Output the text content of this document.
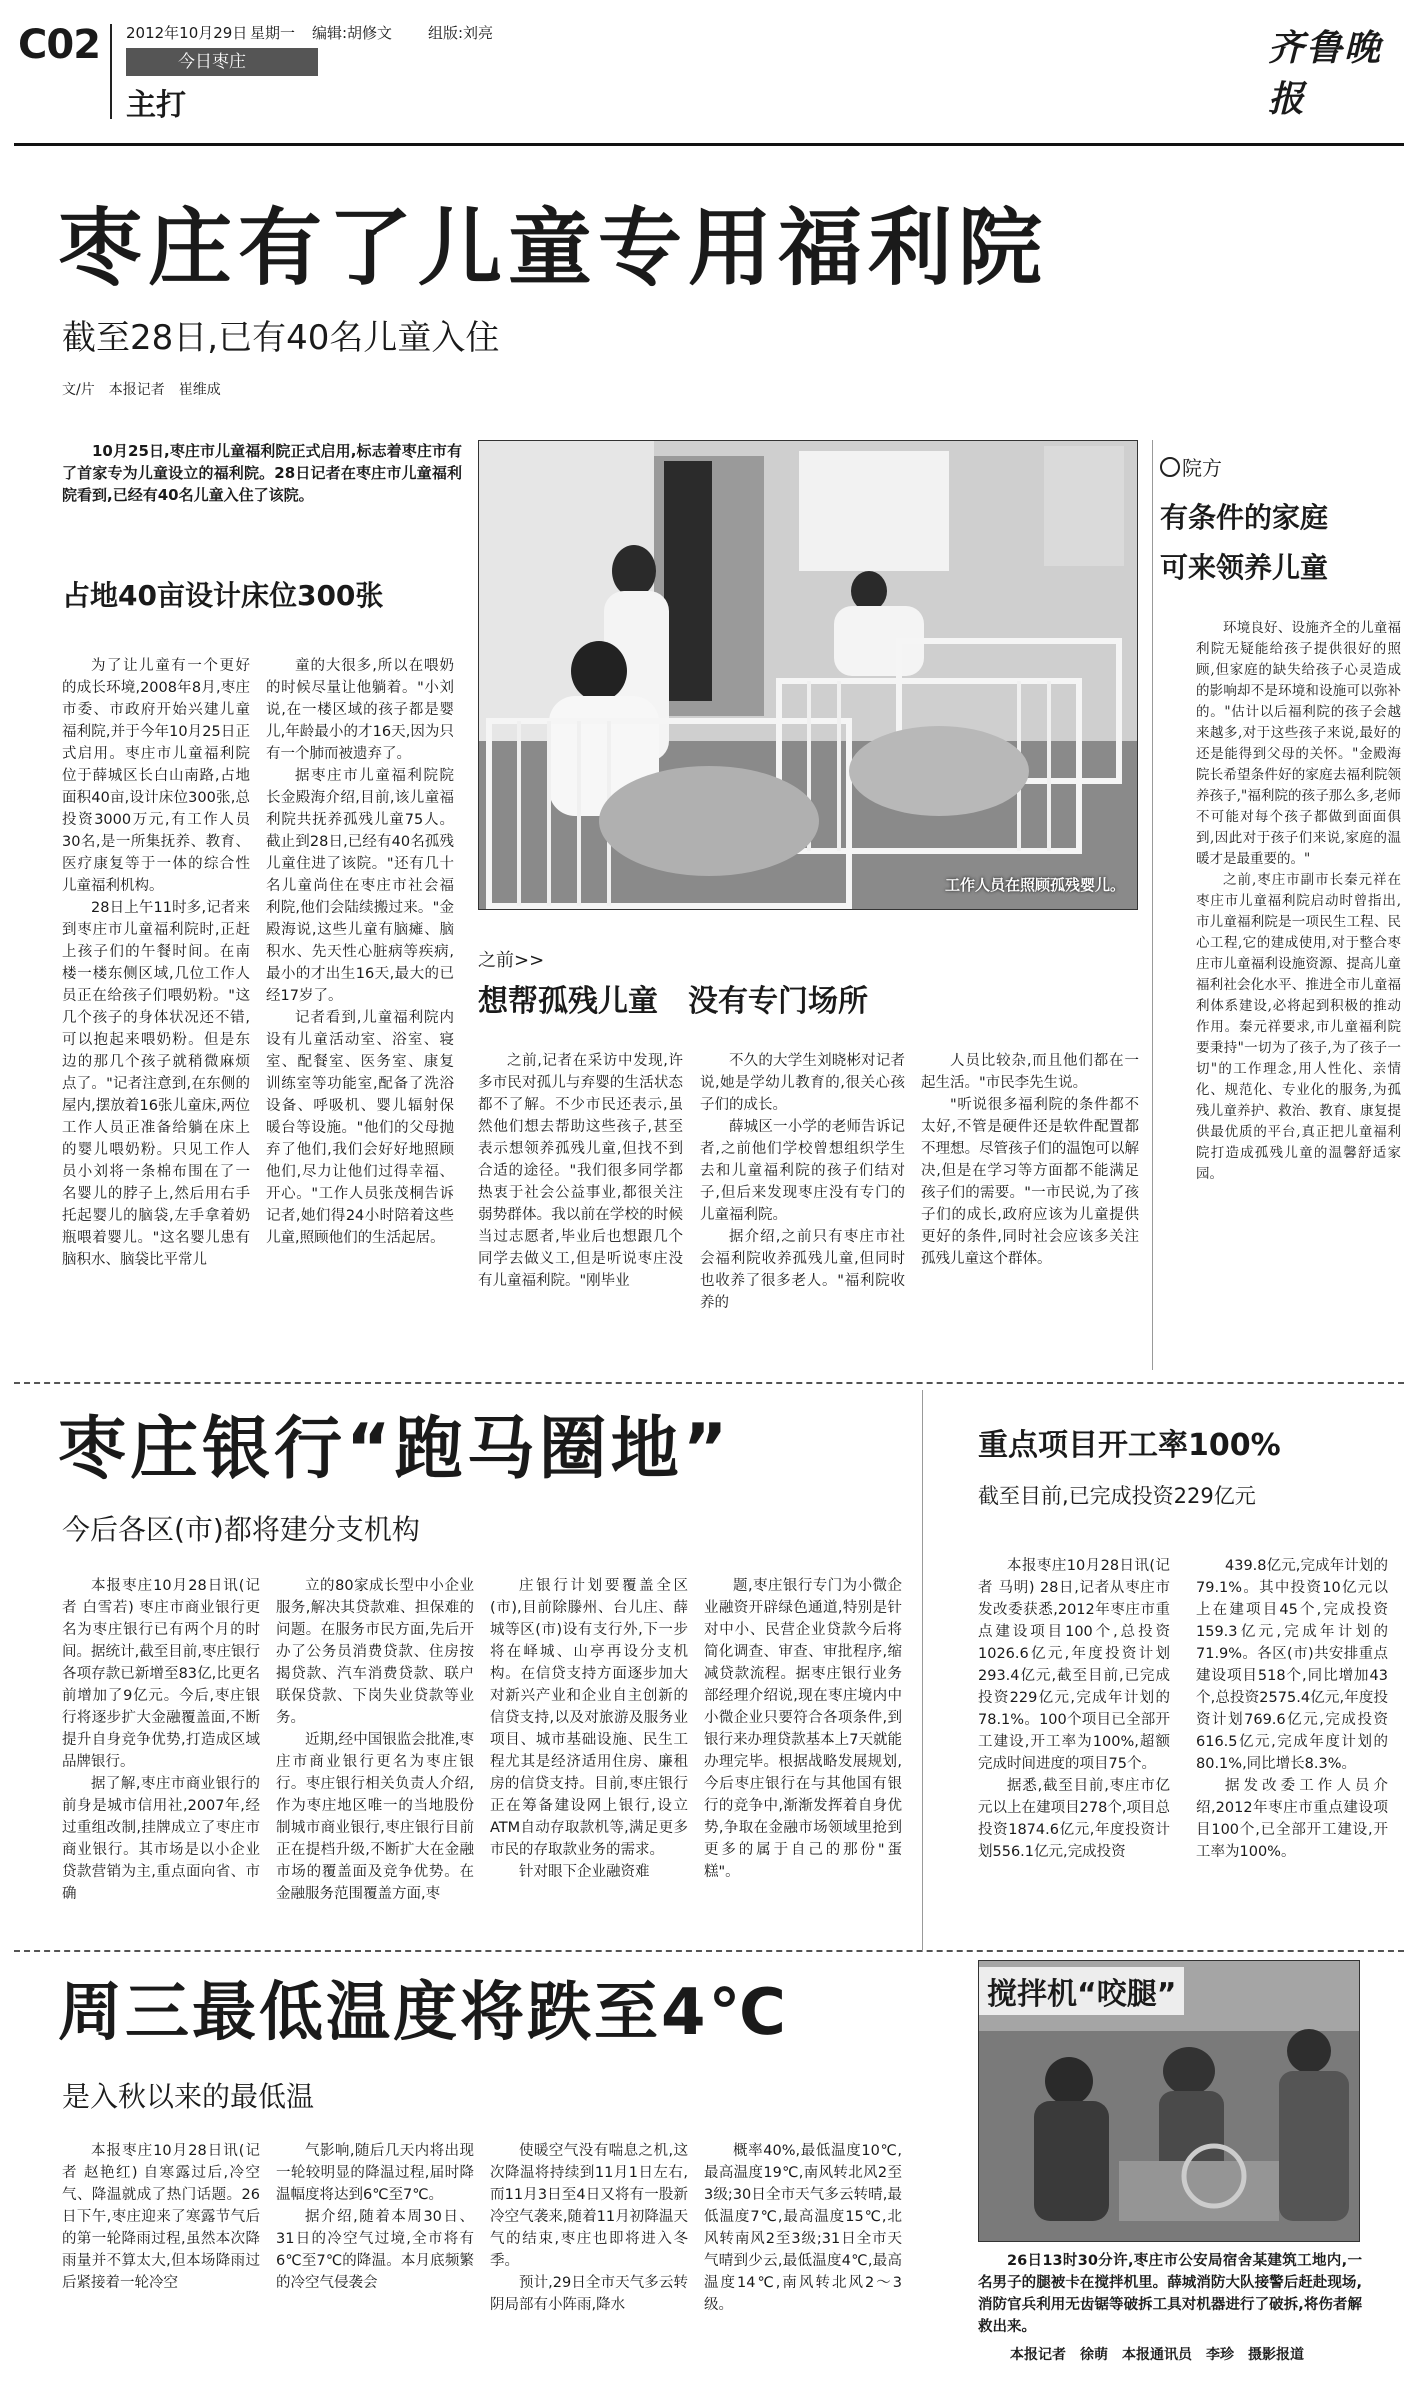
C02 2012年10月29日 星期一 编辑:胡修文 组版:刘亮
今日枣庄
主打
齐鲁晚报
枣庄有了儿童专用福利院
截至28日,已有40名儿童入住
文/片　本报记者　崔维成

10月25日,枣庄市儿童福利院正式启用,标志着枣庄市有了首家专为儿童设立的福利院。28日记者在枣庄市儿童福利院看到,已经有40名儿童入住了该院。

占地40亩设计床位300张

为了让儿童有一个更好的成长环境,2008年8月,枣庄市委、市政府开始兴建儿童福利院,并于今年10月25日正式启用。枣庄市儿童福利院位于薛城区长白山南路,占地面积40亩,设计床位300张,总投资3000万元,有工作人员30名,是一所集抚养、教育、医疗康复等于一体的综合性儿童福利机构。

28日上午11时多,记者来到枣庄市儿童福利院时,正赶上孩子们的午餐时间。在南楼一楼东侧区域,几位工作人员正在给孩子们喂奶粉。"这几个孩子的身体状况还不错,可以抱起来喂奶粉。但是东边的那几个孩子就稍微麻烦点了。"记者注意到,在东侧的屋内,摆放着16张儿童床,两位工作人员正准备给躺在床上的婴儿喂奶粉。只见工作人员小刘将一条棉布围在了一名婴儿的脖子上,然后用右手托起婴儿的脑袋,左手拿着奶瓶喂着婴儿。"这名婴儿患有脑积水、脑袋比平常儿

童的大很多,所以在喂奶的时候尽量让他躺着。"小刘说,在一楼区域的孩子都是婴儿,年龄最小的才16天,因为只有一个肺而被遗弃了。

据枣庄市儿童福利院院长金殿海介绍,目前,该儿童福利院共抚养孤残儿童75人。截止到28日,已经有40名孤残儿童住进了该院。"还有几十名儿童尚住在枣庄市社会福利院,他们会陆续搬过来。"金殿海说,这些儿童有脑瘫、脑积水、先天性心脏病等疾病,最小的才出生16天,最大的已经17岁了。

记者看到,儿童福利院内设有儿童活动室、浴室、寝室、配餐室、医务室、康复训练室等功能室,配备了洗浴设备、呼吸机、婴儿辐射保暖台等设施。"他们的父母抛弃了他们,我们会好好地照顾他们,尽力让他们过得幸福、开心。"工作人员张茂桐告诉记者,她们得24小时陪着这些儿童,照顾他们的生活起居。

工作人员在照顾孤残婴儿。
之前>>
想帮孤残儿童　没有专门场所

之前,记者在采访中发现,许多市民对孤儿与弃婴的生活状态都不了解。不少市民还表示,虽然他们想去帮助这些孩子,甚至表示想领养孤残儿童,但找不到合适的途径。"我们很多同学都热衷于社会公益事业,都很关注弱势群体。我以前在学校的时候当过志愿者,毕业后也想跟几个同学去做义工,但是听说枣庄没有儿童福利院。"刚毕业

不久的大学生刘晓彬对记者说,她是学幼儿教育的,很关心孩子们的成长。

薛城区一小学的老师告诉记者,之前他们学校曾想组织学生去和儿童福利院的孩子们结对子,但后来发现枣庄没有专门的儿童福利院。

据介绍,之前只有枣庄市社会福利院收养孤残儿童,但同时也收养了很多老人。"福利院收养的

人员比较杂,而且他们都在一起生活。"市民李先生说。

"听说很多福利院的条件都不太好,不管是硬件还是软件配置都不理想。尽管孩子们的温饱可以解决,但是在学习等方面都不能满足孩子们的需要。"一市民说,为了孩子们的成长,政府应该为儿童提供更好的条件,同时社会应该多关注孤残儿童这个群体。

院方
有条件的家庭
可来领养儿童

环境良好、设施齐全的儿童福利院无疑能给孩子提供很好的照顾,但家庭的缺失给孩子心灵造成的影响却不是环境和设施可以弥补的。"估计以后福利院的孩子会越来越多,对于这些孩子来说,最好的还是能得到父母的关怀。"金殿海院长希望条件好的家庭去福利院领养孩子,"福利院的孩子那么多,老师不可能对每个孩子都做到面面俱到,因此对于孩子们来说,家庭的温暖才是最重要的。"

之前,枣庄市副市长秦元祥在枣庄市儿童福利院启动时曾指出,市儿童福利院是一项民生工程、民心工程,它的建成使用,对于整合枣庄市儿童福利设施资源、提高儿童福利社会化水平、推进全市儿童福利体系建设,必将起到积极的推动作用。秦元祥要求,市儿童福利院要秉持"一切为了孩子,为了孩子一切"的工作理念,用人性化、亲情化、规范化、专业化的服务,为孤残儿童养护、救治、教育、康复提供最优质的平台,真正把儿童福利院打造成孤残儿童的温馨舒适家园。

枣庄银行“跑马圈地”
今后各区(市)都将建分支机构

本报枣庄10月28日讯(记者 白雪若) 枣庄市商业银行更名为枣庄银行已有两个月的时间。据统计,截至目前,枣庄银行各项存款已新增至83亿,比更名前增加了9亿元。今后,枣庄银行将逐步扩大金融覆盖面,不断提升自身竞争优势,打造成区域品牌银行。

据了解,枣庄市商业银行的前身是城市信用社,2007年,经过重组改制,挂牌成立了枣庄市商业银行。其市场是以小企业贷款营销为主,重点面向省、市确

立的80家成长型中小企业服务,解决其贷款难、担保难的问题。在服务市民方面,先后开办了公务员消费贷款、住房按揭贷款、汽车消费贷款、联户联保贷款、下岗失业贷款等业务。

近期,经中国银监会批准,枣庄市商业银行更名为枣庄银行。枣庄银行相关负责人介绍,作为枣庄地区唯一的当地股份制城市商业银行,枣庄银行目前正在提档升级,不断扩大在金融市场的覆盖面及竞争优势。在金融服务范围覆盖方面,枣

庄银行计划要覆盖全区(市),目前除滕州、台儿庄、薛城等区(市)设有支行外,下一步将在峄城、山亭再设分支机构。在信贷支持方面逐步加大对新兴产业和企业自主创新的信贷支持,以及对旅游及服务业项目、城市基础设施、民生工程尤其是经济适用住房、廉租房的信贷支持。目前,枣庄银行正在筹备建设网上银行,设立ATM自动存取款机等,满足更多市民的存取款业务的需求。

针对眼下企业融资难

题,枣庄银行专门为小微企业融资开辟绿色通道,特别是针对中小、民营企业贷款今后将简化调查、审查、审批程序,缩减贷款流程。据枣庄银行业务部经理介绍说,现在枣庄境内中小微企业只要符合各项条件,到银行来办理贷款基本上7天就能办理完毕。根据战略发展规划,今后枣庄银行在与其他国有银行的竞争中,渐渐发挥着自身优势,争取在金融市场领域里抢到更多的属于自己的那份"蛋糕"。

重点项目开工率100%
截至目前,已完成投资229亿元

本报枣庄10月28日讯(记者 马明) 28日,记者从枣庄市发改委获悉,2012年枣庄市重点建设项目100个,总投资1026.6亿元,年度投资计划293.4亿元,截至目前,已完成投资229亿元,完成年计划的78.1%。100个项目已全部开工建设,开工率为100%,超额完成时间进度的项目75个。

据悉,截至目前,枣庄市亿元以上在建项目278个,项目总投资1874.6亿元,年度投资计划556.1亿元,完成投资

439.8亿元,完成年计划的79.1%。其中投资10亿元以上在建项目45个,完成投资159.3亿元,完成年计划的71.9%。各区(市)共安排重点建设项目518个,同比增加43个,总投资2575.4亿元,年度投资计划769.6亿元,完成投资616.5亿元,完成年度计划的80.1%,同比增长8.3%。

据发改委工作人员介绍,2012年枣庄市重点建设项目100个,已全部开工建设,开工率为100%。

周三最低温度将跌至4℃
是入秋以来的最低温

本报枣庄10月28日讯(记者 赵艳红) 自寒露过后,冷空气、降温就成了热门话题。26日下午,枣庄迎来了寒露节气后的第一轮降雨过程,虽然本次降雨量并不算太大,但本场降雨过后紧接着一轮冷空

气影响,随后几天内将出现一轮较明显的降温过程,届时降温幅度将达到6℃至7℃。

据介绍,随着本周30日、31日的冷空气过境,全市将有6℃至7℃的降温。本月底频繁的冷空气侵袭会

使暖空气没有喘息之机,这次降温将持续到11月1日左右,而11月3日至4日又将有一股新冷空气袭来,随着11月初降温天气的结束,枣庄也即将进入冬季。

预计,29日全市天气多云转阴局部有小阵雨,降水

概率40%,最低温度10℃,最高温度19℃,南风转北风2至3级;30日全市天气多云转晴,最低温度7℃,最高温度15℃,北风转南风2至3级;31日全市天气晴到少云,最低温度4℃,最高温度14℃,南风转北风2～3级。

搅拌机“咬腿”

26日13时30分许,枣庄市公安局宿舍某建筑工地内,一名男子的腿被卡在搅拌机里。薛城消防大队接警后赶赴现场,消防官兵利用无齿锯等破拆工具对机器进行了破拆,将伤者解救出来。

本报记者　徐萌　本报通讯员　李珍　摄影报道
